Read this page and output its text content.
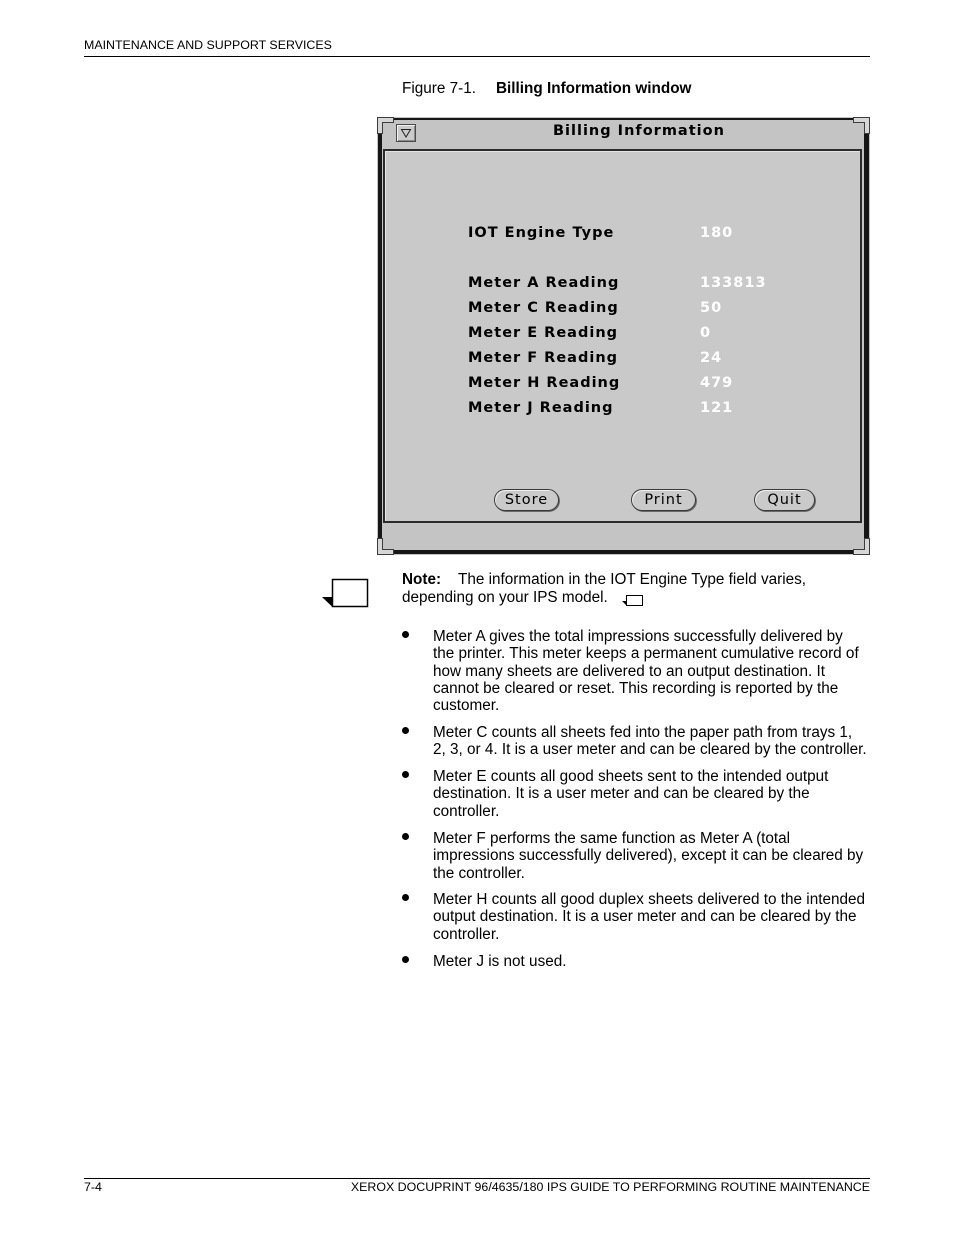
MAINTENANCE AND SUPPORT SERVICES
Figure 7-1. Billing Information window
Billing Information
IOT Engine Type	180
Meter A Reading	133813
Meter C Reading	50
Meter E Reading	0
Meter F Reading	24
Meter H Reading	479
Meter J Reading	121
Store	Print	Quit
Note: The information in the IOT Engine Type field varies,
depending on your IPS model.
Meter A gives the total impressions successfully delivered by
the printer. This meter keeps a permanent cumulative record of
how many sheets are delivered to an output destination. It
cannot be cleared or reset. This recording is reported by the
customer.
Meter C counts all sheets fed into the paper path from trays 1,
2, 3, or 4. It is a user meter and can be cleared by the controller.
Meter E counts all good sheets sent to the intended output
destination. It is a user meter and can be cleared by the
controller.
Meter F performs the same function as Meter A (total
impressions successfully delivered), except it can be cleared by
the controller.
Meter H counts all good duplex sheets delivered to the intended
output destination. It is a user meter and can be cleared by the
controller.
Meter J is not used.
7-4	XEROX DOCUPRINT 96/4635/180 IPS GUIDE TO PERFORMING ROUTINE MAINTENANCE
